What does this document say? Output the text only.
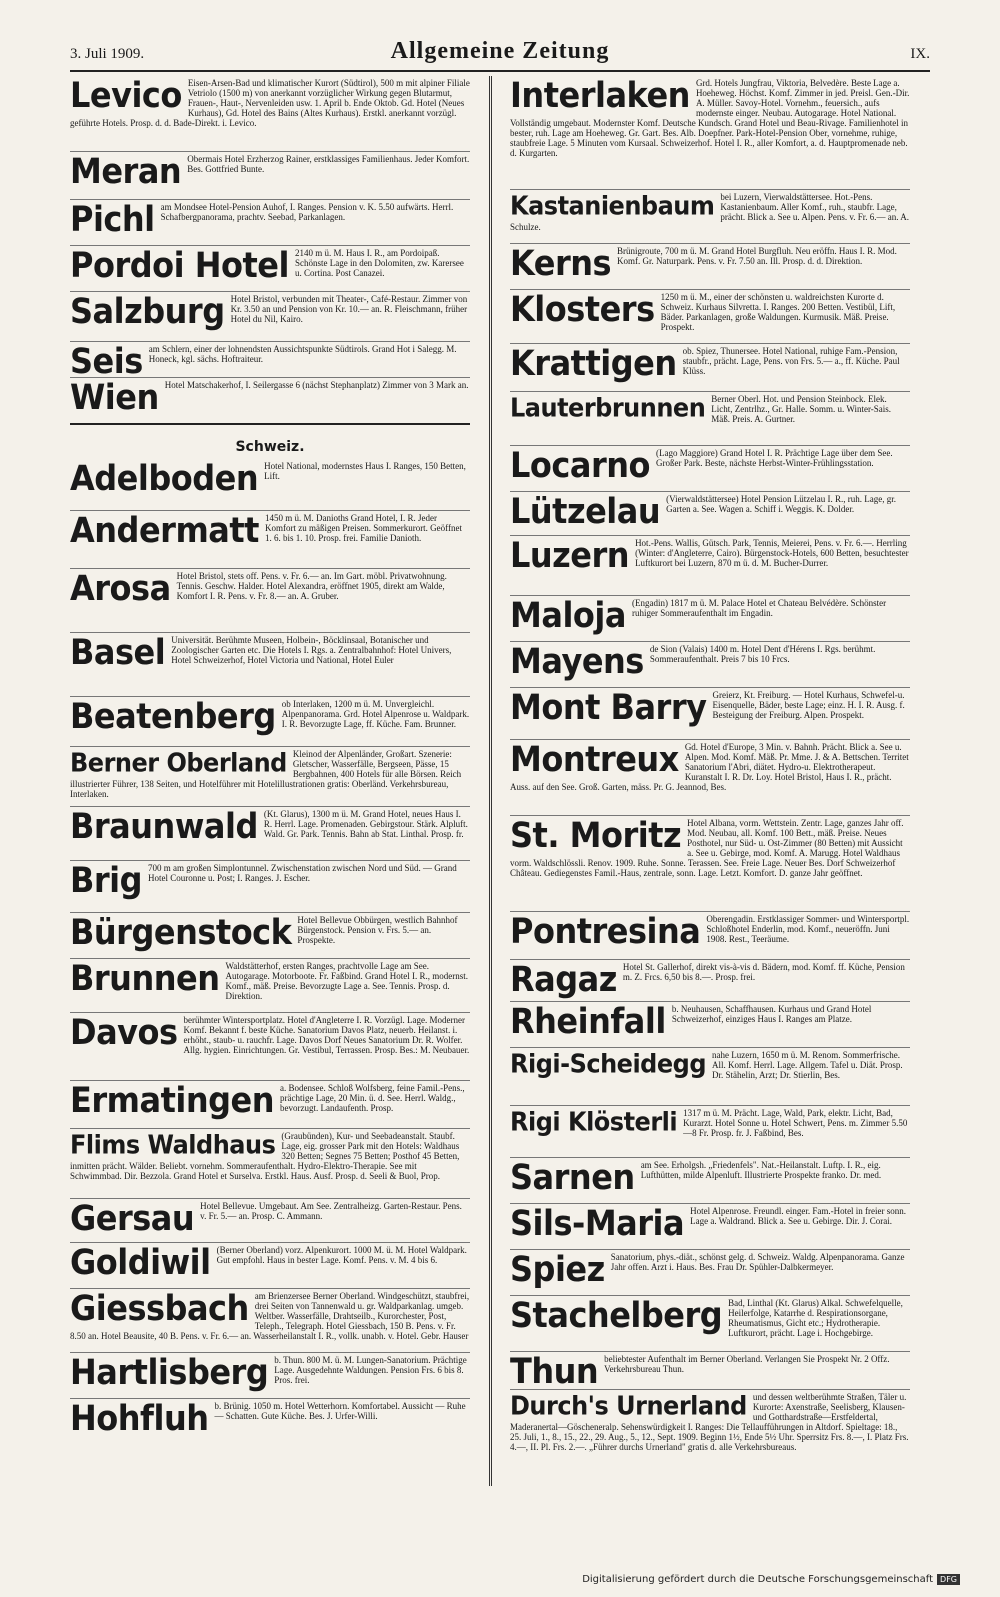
3. Juli 1909.	Allgemeine Zeitung	IX.
Levico Eisen-Arsen-Bad und klimatischer Kurort (Südtirol), 500 m mit alpiner Filiale Vetriolo (1500 m) von anerkannt vorzüglicher Wirkung gegen Blutarmut, Frauen-, Haut-, Nervenleiden usw. 1. April b. Ende Oktob. Gd. Hotel (Neues Kurhaus), Gd. Hotel des Bains (Altes Kurhaus). Erstkl. anerkannt vorzügl. geführte Hotels. Prosp. d. d. Bade-Direkt. i. Levico.
Meran Obermais Hotel Erzherzog Rainer, erstklassiges Familienhaus. Jeder Komfort. Bes. Gottfried Bunte.
Pichl am Mondsee Hotel-Pension Auhof, I. Ranges. Pension v. K. 5.50 aufwärts. Herrl. Schafbergpanorama, prachtv. Seebad, Parkanlagen.
Pordoi Hotel 2140 m ü. M. Haus I. R., am Pordoipaß. Schönste Lage in den Dolomiten, zw. Karersee u. Cortina. Post Canazei.
Salzburg Hotel Bristol, verbunden mit Theater-, Café-Restaur. Zimmer von Kr. 3.50 an und Pension von Kr. 10.— an. R. Fleischmann, früher Hotel du Nil, Kairo.
Seis am Schlern, einer der lohnendsten Aussichtspunkte Südtirols. Grand Hot i Salegg. M. Honeck, kgl. sächs. Hoftraiteur.
Wien Hotel Matschakerhof, I. Seilergasse 6 (nächst Stephanplatz) Zimmer von 3 Mark an.
Schweiz.
Adelboden Hotel National, modernstes Haus I. Ranges, 150 Betten, Lift.
Andermatt 1450 m ü. M. Danioths Grand Hotel, I. R. Jeder Komfort zu mäßigen Preisen. Sommerkurort. Geöffnet 1. 6. bis 1. 10. Prosp. frei. Familie Danioth.
Arosa Hotel Bristol, stets off. Pens. v. Fr. 6.— an. Im Gart. möbl. Privatwohnung. Tennis. Geschw. Halder. Hotel Alexandra, eröffnet 1905, direkt am Walde, Komfort I. R. Pens. v. Fr. 8.— an. A. Gruber.
Basel Universität. Berühmte Museen, Holbein-, Böcklinsaal, Botanischer und Zoologischer Garten etc. Die Hotels I. Rgs. a. Zentralbahnhof: Hotel Univers, Hotel Schweizerhof, Hotel Victoria und National, Hotel Euler
Beatenberg ob Interlaken, 1200 m ü. M. Unvergleichl. Alpenpanorama. Grd. Hotel Alpenrose u. Waldpark. I. R. Bevorzugte Lage, ff. Küche. Fam. Brunner.
Berner Oberland Kleinod der Alpenländer, Großart. Szenerie: Gletscher, Wasserfälle, Bergseen, Pässe, 15 Bergbahnen, 400 Hotels für alle Börsen. Reich illustrierter Führer, 138 Seiten, und Hotelführer mit Hotelillustrationen gratis: Oberländ. Verkehrsbureau, Interlaken.
Braunwald (Kt. Glarus), 1300 m ü. M. Grand Hotel, neues Haus I. R. Herrl. Lage. Promenaden. Gebirgstour. Stärk. Alpluft. Wald. Gr. Park. Tennis. Bahn ab Stat. Linthal. Prosp. fr.
Brig 700 m am großen Simplontunnel. Zwischenstation zwischen Nord und Süd. — Grand Hotel Couronne u. Post; I. Ranges. J. Escher.
Bürgenstock Hotel Bellevue Obbürgen, westlich Bahnhof Bürgenstock. Pension v. Frs. 5.— an. Prospekte.
Brunnen Waldstätterhof, ersten Ranges, prachtvolle Lage am See. Autogarage. Motorboote. Fr. Faßbind. Grand Hotel I. R., modernst. Komf., mäß. Preise. Bevorzugte Lage a. See. Tennis. Prosp. d. Direktion.
Davos berühmter Wintersportplatz. Hotel d'Angleterre I. R. Vorzügl. Lage. Moderner Komf. Bekannt f. beste Küche. Sanatorium Davos Platz, neuerb. Heilanst. i. erhöht., staub- u. rauchfr. Lage. Davos Dorf Neues Sanatorium Dr. R. Wolfer. Allg. hygien. Einrichtungen. Gr. Vestibul, Terrassen. Prosp. Bes.: M. Neubauer.
Ermatingen a. Bodensee. Schloß Wolfsberg, feine Famil.-Pens., prächtige Lage, 20 Min. ü. d. See. Herrl. Waldg., bevorzugt. Landaufenth. Prosp.
Flims Waldhaus (Graubünden), Kur- und Seebadeanstalt. Staubf. Lage, eig. grosser Park mit den Hotels: Waldhaus 320 Betten; Segnes 75 Betten; Posthof 45 Betten, inmitten prächt. Wälder. Beliebt. vornehm. Sommeraufenthalt. Hydro-Elektro-Therapie. See mit Schwimmbad. Dir. Bezzola. Grand Hotel et Surselva. Erstkl. Haus. Ausf. Prosp. d. Seeli & Buol, Prop.
Gersau Hotel Bellevue. Umgebaut. Am See. Zentralheizg. Garten-Restaur. Pens. v. Fr. 5.— an. Prosp. C. Ammann.
Goldiwil (Berner Oberland) vorz. Alpenkurort. 1000 M. ü. M. Hotel Waldpark. Gut empfohl. Haus in bester Lage. Komf. Pens. v. M. 4 bis 6.
Giessbach am Brienzersee Berner Oberland. Windgeschützt, staubfrei, drei Seiten von Tannenwald u. gr. Waldparkanlag. umgeb. Weltber. Wasserfälle, Drahtseilb., Kurorchester, Post, Teleph., Telegraph. Hotel Giessbach, 150 B. Pens. v. Fr. 8.50 an. Hotel Beausite, 40 B. Pens. v. Fr. 6.— an. Wasserheilanstalt I. R., vollk. unabh. v. Hotel. Gebr. Hauser
Hartlisberg b. Thun. 800 M. ü. M. Lungen-Sanatorium. Prächtige Lage. Ausgedehnte Waldungen. Pension Frs. 6 bis 8. Pros. frei.
Hohfluh b. Brünig. 1050 m. Hotel Wetterhorn. Komfortabel. Aussicht — Ruhe — Schatten. Gute Küche. Bes. J. Urfer-Willi.
Interlaken Grd. Hotels Jungfrau, Viktoria, Belvedère. Beste Lage a. Hoeheweg. Höchst. Komf. Zimmer in jed. Preisl. Gen.-Dir. A. Müller. Savoy-Hotel. Vornehm., feuersich., aufs modernste einger. Neubau. Autogarage. Hotel National. Vollständig umgebaut. Modernster Komf. Deutsche Kundsch. Grand Hotel und Beau-Rivage. Familienhotel in bester, ruh. Lage am Hoeheweg. Gr. Gart. Bes. Alb. Doepfner. Park-Hotel-Pension Ober, vornehme, ruhige, staubfreie Lage. 5 Minuten vom Kursaal. Schweizerhof. Hotel I. R., aller Komfort, a. d. Hauptpromenade neb. d. Kurgarten.
Kastanienbaum bei Luzern, Vierwaldstättersee. Hot.-Pens. Kastanienbaum. Aller Komf., ruh., staubfr. Lage, prächt. Blick a. See u. Alpen. Pens. v. Fr. 6.— an. A. Schulze.
Kerns Brünigroute, 700 m ü. M. Grand Hotel Burgfluh. Neu eröffn. Haus I. R. Mod. Komf. Gr. Naturpark. Pens. v. Fr. 7.50 an. Ill. Prosp. d. d. Direktion.
Klosters 1250 m ü. M., einer der schönsten u. waldreichsten Kurorte d. Schweiz. Kurhaus Silvretta. I. Ranges. 200 Betten. Vestibül, Lift, Bäder. Parkanlagen, große Waldungen. Kurmusik. Mäß. Preise. Prospekt.
Krattigen ob. Spiez, Thunersee. Hotel National, ruhige Fam.-Pension, staubfr., prächt. Lage, Pens. von Frs. 5.— a., ff. Küche. Paul Klüss.
Lauterbrunnen Berner Oberl. Hot. und Pension Steinbock. Elek. Licht, Zentrlhz., Gr. Halle. Somm. u. Winter-Sais. Mäß. Preis. A. Gurtner.
Locarno (Lago Maggiore) Grand Hotel I. R. Prächtige Lage über dem See. Großer Park. Beste, nächste Herbst-Winter-Frühlingsstation.
Lützelau (Vierwaldstättersee) Hotel Pension Lützelau I. R., ruh. Lage, gr. Garten a. See. Wagen a. Schiff i. Weggis. K. Dolder.
Luzern Hot.-Pens. Wallis, Gütsch. Park, Tennis, Meierei, Pens. v. Fr. 6.—. Herrling (Winter: d'Angleterre, Cairo). Bürgenstock-Hotels, 600 Betten, besuchtester Luftkurort bei Luzern, 870 m ü. d. M. Bucher-Durrer.
Maloja (Engadin) 1817 m ü. M. Palace Hotel et Chateau Belvédère. Schönster ruhiger Sommeraufenthalt im Engadin.
Mayens de Sion (Valais) 1400 m. Hotel Dent d'Hérens I. Rgs. berühmt. Sommeraufenthalt. Preis 7 bis 10 Frcs.
Mont Barry Greierz, Kt. Freiburg. — Hotel Kurhaus, Schwefel-u. Eisenquelle, Bäder, beste Lage; einz. H. I. R. Ausg. f. Besteigung der Freiburg. Alpen. Prospekt.
Montreux Gd. Hotel d'Europe, 3 Min. v. Bahnh. Prächt. Blick a. See u. Alpen. Mod. Komf. Mäß. Pr. Mme. J. & A. Bettschen. Territet Sanatorium l'Abri, diätet. Hydro-u. Elektrotherapeut. Kuranstalt I. R. Dr. Loy. Hotel Bristol, Haus I. R., prächt. Auss. auf den See. Groß. Garten, mäss. Pr. G. Jeannod, Bes.
St. Moritz Hotel Albana, vorm. Wettstein. Zentr. Lage, ganzes Jahr off. Mod. Neubau, all. Komf. 100 Bett., mäß. Preise. Neues Posthotel, nur Süd- u. Ost-Zimmer (80 Betten) mit Aussicht a. See u. Gebirge, mod. Komf. A. Marugg. Hotel Waldhaus vorm. Waldschlössli. Renov. 1909. Ruhe. Sonne. Terassen. See. Freie Lage. Neuer Bes. Dorf Schweizerhof Château. Gediegenstes Famil.-Haus, zentrale, sonn. Lage. Letzt. Komfort. D. ganze Jahr geöffnet.
Pontresina Oberengadin. Erstklassiger Sommer- und Wintersportpl. Schloßhotel Enderlin, mod. Komf., neueröffn. Juni 1908. Rest., Teeräume.
Ragaz Hotel St. Gallerhof, direkt vis-à-vis d. Bädern, mod. Komf. ff. Küche, Pension m. Z. Frcs. 6,50 bis 8.—. Prosp. frei.
Rheinfall b. Neuhausen, Schaffhausen. Kurhaus und Grand Hotel Schweizerhof, einziges Haus I. Ranges am Platze.
Rigi-Scheidegg nahe Luzern, 1650 m ü. M. Renom. Sommerfrische. All. Komf. Herrl. Lage. Allgem. Tafel u. Diät. Prosp. Dr. Stähelin, Arzt; Dr. Stierlin, Bes.
Rigi Klösterli 1317 m ü. M. Prächt. Lage, Wald, Park, elektr. Licht, Bad, Kurarzt. Hotel Sonne u. Hotel Schwert, Pens. m. Zimmer 5.50—8 Fr. Prosp. fr. J. Faßbind, Bes.
Sarnen am See. Erholgsh. „Friedenfels". Nat.-Heilanstalt. Luftp. I. R., eig. Lufthütten, milde Alpenluft. Illustrierte Prospekte franko. Dr. med.
Sils-Maria Hotel Alpenrose. Freundl. einger. Fam.-Hotel in freier sonn. Lage a. Waldrand. Blick a. See u. Gebirge. Dir. J. Corai.
Spiez Sanatorium, phys.-diät., schönst gelg. d. Schweiz. Waldg. Alpenpanorama. Ganze Jahr offen. Arzt i. Haus. Bes. Frau Dr. Spühler-Dalbkermeyer.
Stachelberg Bad, Linthal (Kt. Glarus) Alkal. Schwefelquelle, Heilerfolge, Katarrhe d. Respirationsorgane, Rheumatismus, Gicht etc.; Hydrotherapie. Luftkurort, prächt. Lage i. Hochgebirge.
Thun beliebtester Aufenthalt im Berner Oberland. Verlangen Sie Prospekt Nr. 2 Offz. Verkehrsbureau Thun.
Durch's Urnerland und dessen weltberühmte Straßen, Täler u. Kurorte: Axenstraße, Seelisberg, Klausen- und Gotthardstraße—Erstfeldertal, Maderanertal—Göscheneralp. Sehenswürdigkeit I. Ranges: Die Tellaufführungen in Altdorf. Spieltage: 18., 25. Juli, 1., 8., 15., 22., 29. Aug., 5., 12., Sept. 1909. Beginn 1½, Ende 5½ Uhr. Sperrsitz Frs. 8.—, I. Platz Frs. 4.—, II. Pl. Frs. 2.—. „Führer durchs Urnerland" gratis d. alle Verkehrsbureaus.
Digitalisierung gefördert durch die Deutsche Forschungsgemeinschaft DFG
